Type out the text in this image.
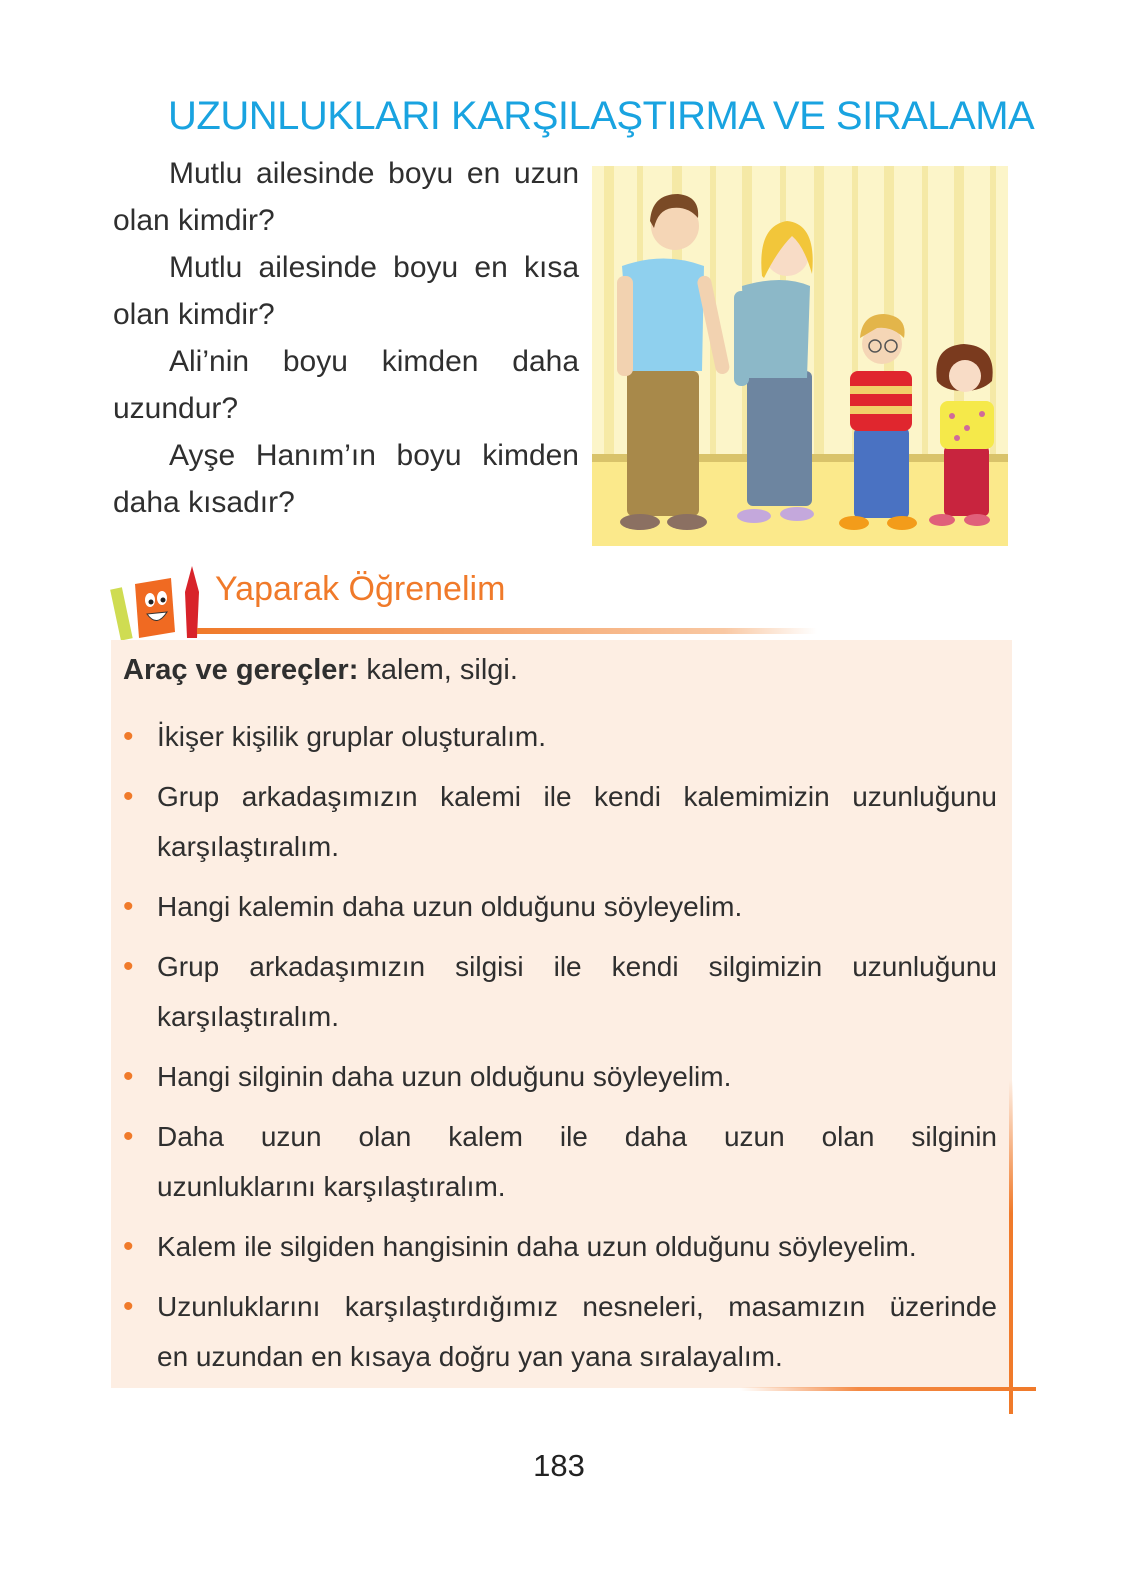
UZUNLUKLARI KARŞILAŞTIRMA VE SIRALAMA
Mutlu ailesinde boyu en uzun
olan kimdir?
Mutlu ailesinde boyu en kısa
olan kimdir?
Ali’nin boyu kimden daha
uzundur?
Ayşe Hanım’ın boyu kimden
daha kısadır?
Yaparak Öğrenelim
Araç ve gereçler: kalem, silgi.
• İkişer kişilik gruplar oluşturalım.
• Grup arkadaşımızın kalemi ile kendi kalemimizin uzunluğunu
karşılaştıralım.
• Hangi kalemin daha uzun olduğunu söyleyelim.
• Grup arkadaşımızın silgisi ile kendi silgimizin uzunluğunu
karşılaştıralım.
• Hangi silginin daha uzun olduğunu söyleyelim.
• Daha uzun olan kalem ile daha uzun olan silginin
uzunluklarını karşılaştıralım.
• Kalem ile silgiden hangisinin daha uzun olduğunu söyleyelim.
• Uzunluklarını karşılaştırdığımız nesneleri, masamızın üzerinde
en uzundan en kısaya doğru yan yana sıralayalım.
183
